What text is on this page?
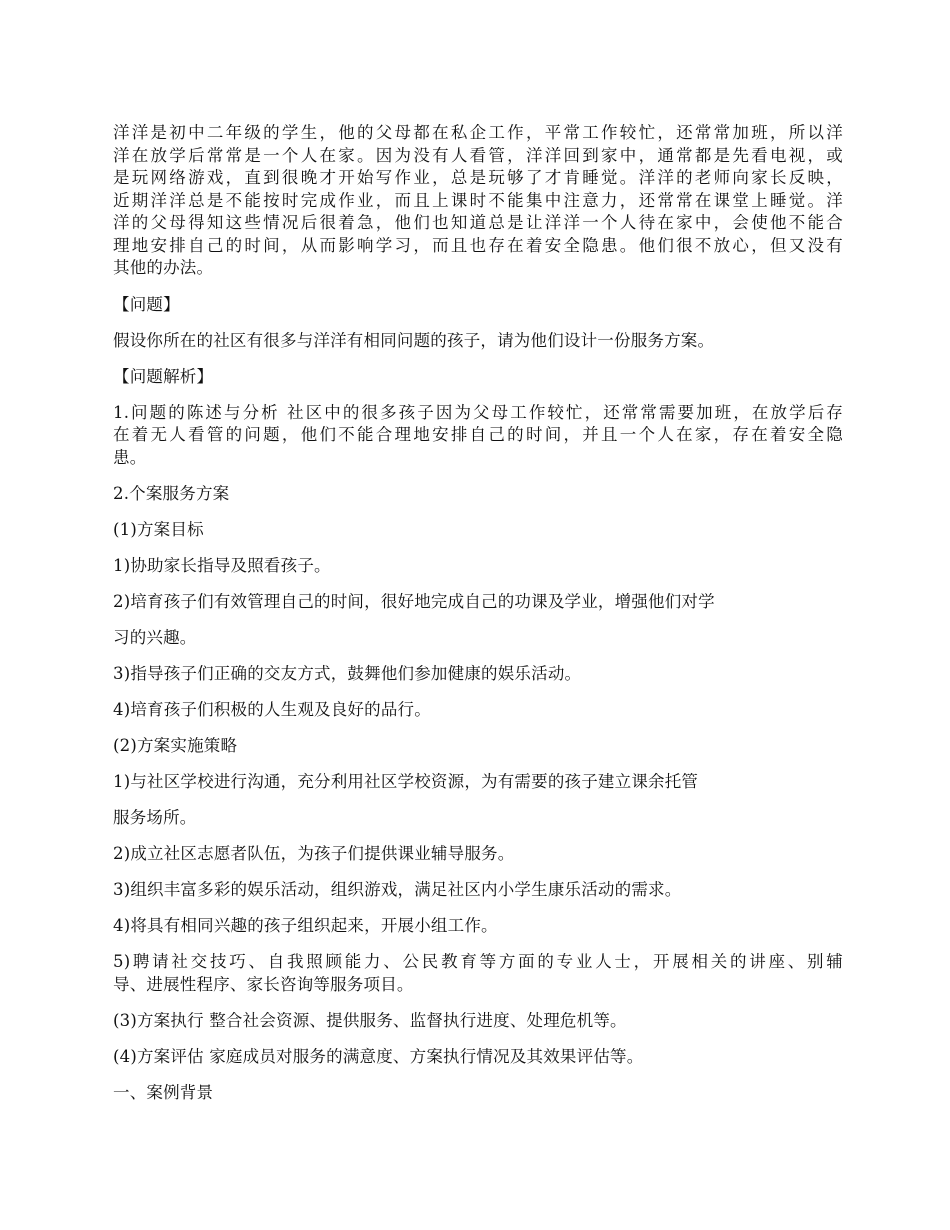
洋洋是初中二年级的学生，他的父母都在私企工作，平常工作较忙，还常常加班，所以洋
洋在放学后常常是一个人在家。因为没有人看管，洋洋回到家中，通常都是先看电视，或
是玩网络游戏，直到很晚才开始写作业，总是玩够了才肯睡觉。洋洋的老师向家长反映，
近期洋洋总是不能按时完成作业，而且上课时不能集中注意力，还常常在课堂上睡觉。洋
洋的父母得知这些情况后很着急，他们也知道总是让洋洋一个人待在家中，会使他不能合
理地安排自己的时间，从而影响学习，而且也存在着安全隐患。他们很不放心，但又没有
其他的办法。

【问题】

假设你所在的社区有很多与洋洋有相同问题的孩子，请为他们设计一份服务方案。

【问题解析】

1.问题的陈述与分析 社区中的很多孩子因为父母工作较忙，还常常需要加班，在放学后存
在着无人看管的问题，他们不能合理地安排自己的时间，并且一个人在家，存在着安全隐
患。

2.个案服务方案

(1)方案目标

1)协助家长指导及照看孩子。

2)培育孩子们有效管理自己的时间，很好地完成自己的功课及学业，增强他们对学

习的兴趣。

3)指导孩子们正确的交友方式，鼓舞他们参加健康的娱乐活动。

4)培育孩子们积极的人生观及良好的品行。

(2)方案实施策略

1)与社区学校进行沟通，充分利用社区学校资源，为有需要的孩子建立课余托管

服务场所。

2)成立社区志愿者队伍，为孩子们提供课业辅导服务。

3)组织丰富多彩的娱乐活动，组织游戏，满足社区内小学生康乐活动的需求。

4)将具有相同兴趣的孩子组织起来，开展小组工作。

5)聘请社交技巧、自我照顾能力、公民教育等方面的专业人士，开展相关的讲座、别辅
导、进展性程序、家长咨询等服务项目。

(3)方案执行 整合社会资源、提供服务、监督执行进度、处理危机等。

(4)方案评估 家庭成员对服务的满意度、方案执行情况及其效果评估等。

一、案例背景
